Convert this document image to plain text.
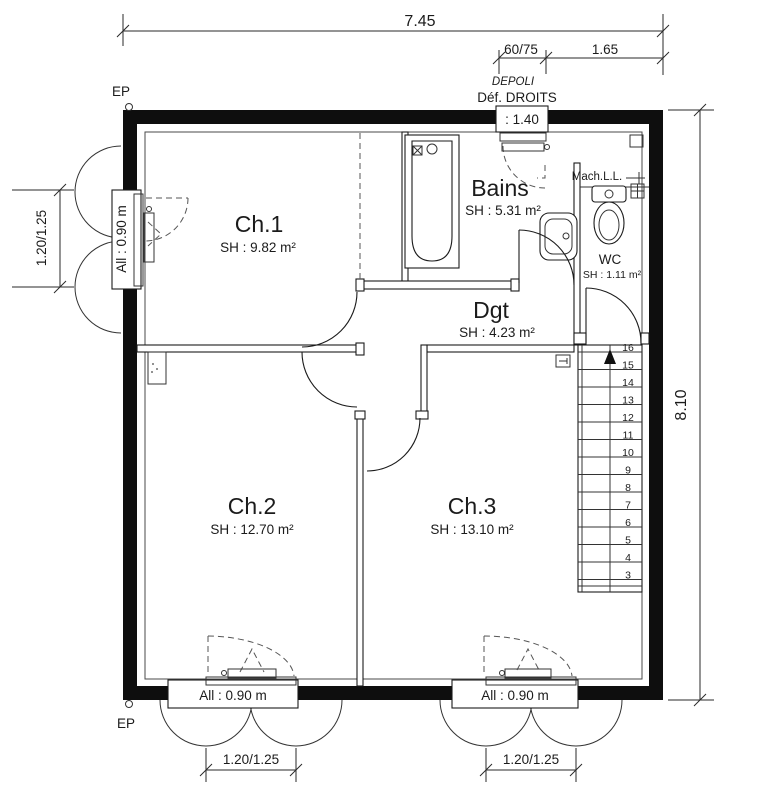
16
15
14
13
12
11
10
9
8
7
6
5
4
3
: 1.40
All : 0.90 m
All : 0.90 m	All : 0.90 m
7.45
60/75	1.65
8.10
1.20/1.25
1.20/1.25	1.20/1.25
EP
EP
DEPOLI
Déf. DROITS
Mach.L.L.
Ch.1
SH : 9.82 m²
Bains
SH : 5.31 m²
WC
SH : 1.11 m²
Dgt
SH : 4.23 m²
Ch.2
SH : 12.70 m²
Ch.3
SH : 13.10 m²
